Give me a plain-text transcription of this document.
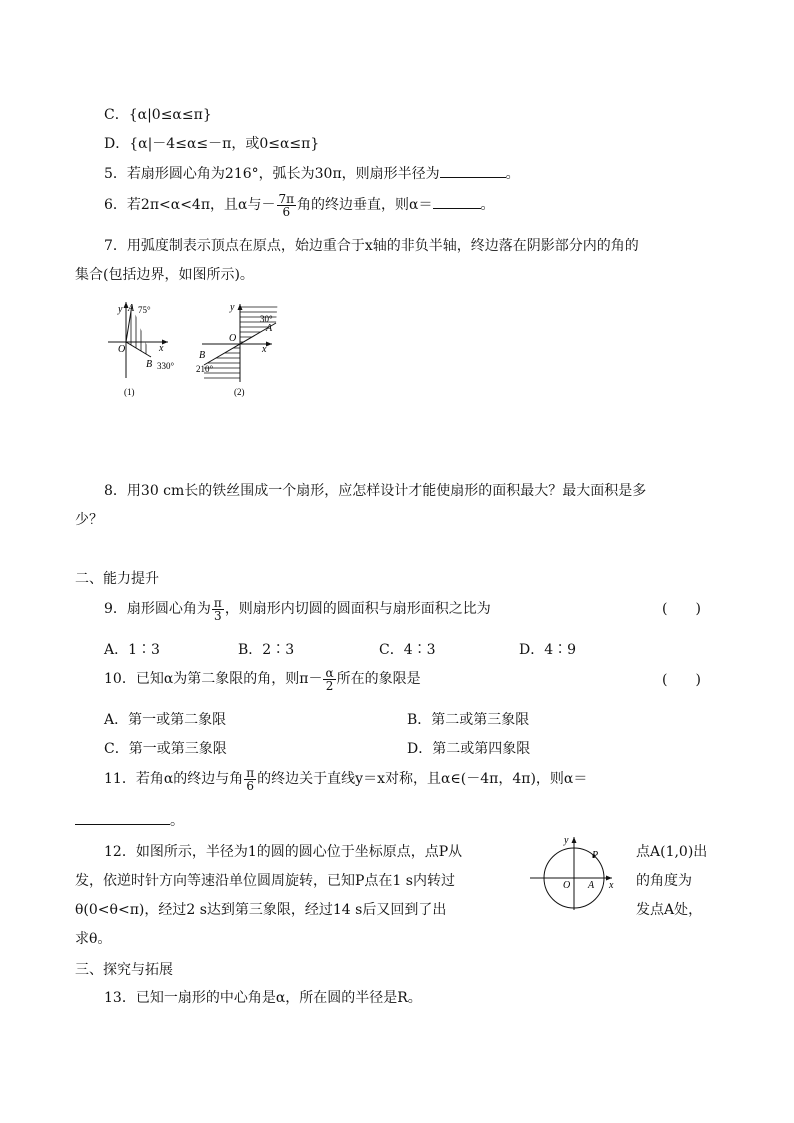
C．{α|0≤α≤π}
D．{α|－4≤α≤－π，或0≤α≤π}
5．若扇形圆心角为216°，弧长为30π，则扇形半径为	。
6．若2π<α<4π，且α与－ $\frac{7\pi}{6}$ 角的终边垂直，则α＝	。
7．用弧度制表示顶点在原点，始边重合于x轴的非负半轴，终边落在阴影部分内的角的
集合(包括边界，如图所示)。
y A 75°
O	x
B 330°
(1)
y
30°
A
O
x
B
210°
(2)
8．用30 cm长的铁丝围成一个扇形，应怎样设计才能使扇形的面积最大？最大面积是多
少？
二、能力提升
9．扇形圆心角为 $\frac{\pi}{3}$ ，则扇形内切圆的圆面积与扇形面积之比为	(　　)
A．1∶3	B．2∶3	C．4∶3	D．4∶9
10．已知α为第二象限的角，则$\pi- \frac{\alpha}{2}$ 所在的象限是	(　　)
A．第一或第二象限	B．第二或第三象限
C．第一或第三象限	D．第二或第四象限
11．若角α的终边与角 $\frac{\pi}{6}$ 的终边关于直线y＝x对称，且α∈(－4π，4π)，则α＝
。
12．如图所示，半径为1的圆的圆心位于坐标原点，点P从
发，依逆时针方向等速沿单位圆周旋转，已知P点在1 s内转过
θ(0<θ<π)，经过2 s达到第三象限，经过14 s后又回到了出
点A(1,0)出
的角度为
发点A处，
求θ。
y
P
O A x
三、探究与拓展
13．已知一扇形的中心角是α，所在圆的半径是R。
